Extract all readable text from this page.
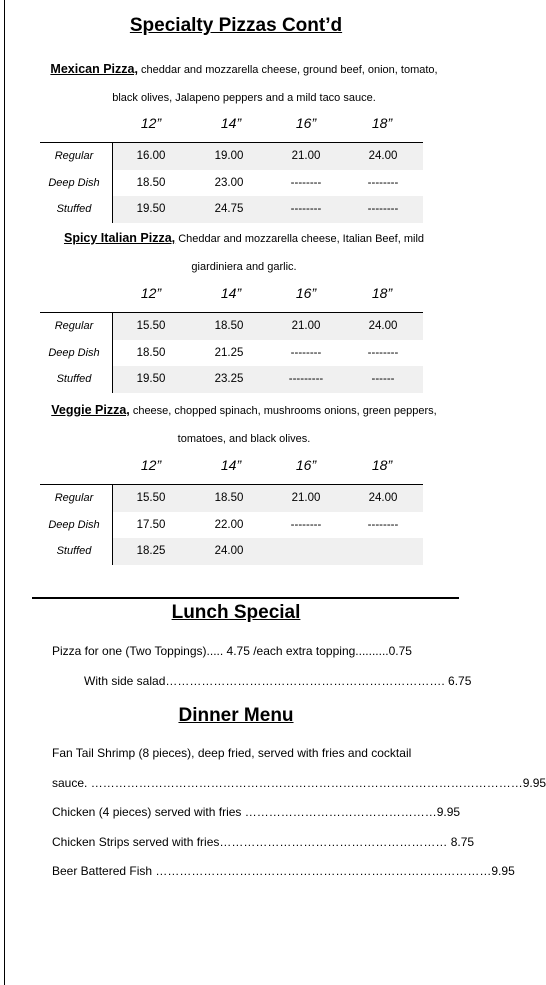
Specialty Pizzas Cont’d
Mexican Pizza, cheddar and mozzarella cheese, ground beef, onion, tomato,
black olives, Jalapeno peppers and a mild taco sauce.
12”	14”	16”	18”
Regular	16.00	19.00	21.00	24.00
Deep Dish	18.50	23.00	--------	--------
Stuffed	19.50	24.75	--------	--------
Spicy Italian Pizza, Cheddar and mozzarella cheese, Italian Beef, mild
giardiniera and garlic.
12”	14”	16”	18”
Regular	15.50	18.50	21.00	24.00
Deep Dish	18.50	21.25	--------	--------
Stuffed	19.50	23.25	---------	------
Veggie Pizza, cheese, chopped spinach, mushrooms onions, green peppers,
tomatoes, and black olives.
12”	14”	16”	18”
Regular	15.50	18.50	21.00	24.00
Deep Dish	17.50	22.00	--------	--------
Stuffed	18.25	24.00
Lunch Special
Pizza for one (Two Toppings)..... 4.75 /each extra topping..........0.75
With side salad……………………………………………………………. 6.75
Dinner Menu
Fan Tail Shrimp (8 pieces), deep fried, served with fries and cocktail
sauce. ………………………………………………………………………………………………9.95
Chicken (4 pieces) served with fries …………………………………………9.95
Chicken Strips served with fries………………………………………………… 8.75
Beer Battered Fish …………………………………………………………………………9.95
